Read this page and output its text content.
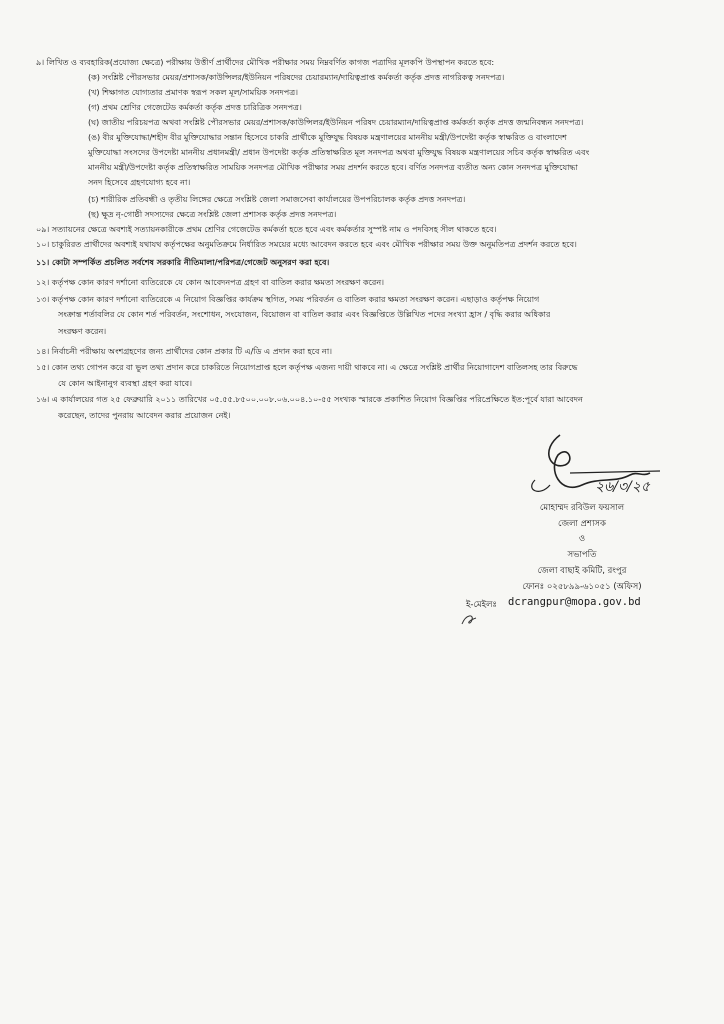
৯। লিখিত ও ব্যবহারিক(প্রযোজ্য ক্ষেত্রে) পরীক্ষায় উত্তীর্ণ প্রার্থীদের মৌখিক পরীক্ষার সময় নিম্নবর্ণিত কাগজ পত্রাদির মূলকপি উপস্থাপন করতে হবে:
(ক) সংশ্লিষ্ট পৌরসভার মেয়র/প্রশাসক/কাউন্সিলর/ইউনিয়ন পরিষদের চেয়ারম্যান/দায়িত্বপ্রাপ্ত কর্মকর্তা কর্তৃক প্রদত্ত নাগরিকত্ব সনদপত্র।
(খ) শিক্ষাগত যোগ্যতার প্রমাণক স্বরূপ সকল মূল/সাময়িক সনদপত্র।
(গ) প্রথম শ্রেণির গেজেটেড কর্মকর্তা কর্তৃক প্রদত্ত চারিত্রিক সনদপত্র।
(ঘ) জাতীয় পরিচয়পত্র অথবা সংশ্লিষ্ট পৌরসভার মেয়র/প্রশাসক/কাউন্সিলর/ইউনিয়ন পরিষদ চেয়ারম্যান/দায়িত্বপ্রাপ্ত কর্মকর্তা কর্তৃক প্রদত্ত জন্মনিবন্ধন সনদপত্র।
(ঙ) বীর মুক্তিযোদ্ধা/শহীদ বীর মুক্তিযোদ্ধার সন্তান হিসেবে চাকরি প্রার্থীকে মুক্তিযুদ্ধ বিষয়ক মন্ত্রণালয়ের মাননীয় মন্ত্রী/উপদেষ্টা কর্তৃক স্বাক্ষরিত ও বাংলাদেশ
মুক্তিযোদ্ধা সংসদের উপদেষ্টা মাননীয় প্রধানমন্ত্রী/ প্রধান উপদেষ্টা কর্তৃক প্রতিস্বাক্ষরিত মূল সনদপত্র অথবা মুক্তিযুদ্ধ বিষয়ক মন্ত্রণালয়ের সচিব কর্তৃক স্বাক্ষরিত এবং
মাননীয় মন্ত্রী/উপদেষ্টা কর্তৃক প্রতিস্বাক্ষরিত সাময়িক সনদপত্র মৌখিক পরীক্ষার সময় প্রদর্শন করতে হবে। বর্ণিত সনদপত্র ব্যতীত অন্য কোন সনদপত্র মুক্তিযোদ্ধা
সনদ হিসেবে গ্রহণযোগ্য হবে না।
(চ) শারীরিক প্রতিবন্ধী ও তৃতীয় লিঙ্গের ক্ষেত্রে সংশ্লিষ্ট জেলা সমাজসেবা কার্যালয়ের উপপরিচালক কর্তৃক প্রদত্ত সনদপত্র।
(ছ) ক্ষুদ্র নৃ-গোষ্ঠী সদস্যদের ক্ষেত্রে সংশ্লিষ্ট জেলা প্রশাসক কর্তৃক প্রদত্ত সনদপত্র।
০৯। সত্যায়নের ক্ষেত্রে অবশ্যই সত্যায়নকারীকে প্রথম শ্রেণির গেজেটেড কর্মকর্তা হতে হবে এবং কর্মকর্তার সুস্পষ্ট নাম ও পদবিসহ সীল থাকতে হবে।
১০। চাকুরিরত প্রার্থীদের অবশ্যই যথাযথ কর্তৃপক্ষের অনুমতিক্রমে নির্ধারিত সময়ের মধ্যে আবেদন করতে হবে এবং মৌখিক পরীক্ষার সময় উক্ত অনুমতিপত্র প্রদর্শন করতে হবে।
১১। কোটা সম্পর্কিত প্রচলিত সর্বশেষ সরকারি নীতিমালা/পরিপত্র/গেজেট অনুসরণ করা হবে।
১২। কর্তৃপক্ষ কোন কারণ দর্শানো ব্যতিরেকে যে কোন আবেদনপত্র গ্রহণ বা বাতিল করার ক্ষমতা সংরক্ষণ করেন।
১৩। কর্তৃপক্ষ কোন কারণ দর্শানো ব্যতিরেকে এ নিয়োগ বিজ্ঞপ্তির কার্যক্রম স্থগিত, সময় পরিবর্তন ও বাতিল করার ক্ষমতা সংরক্ষণ করেন। এছাড়াও কর্তৃপক্ষ নিয়োগ
সংক্রান্ত শর্তাবলির যে কোন শর্ত পরিবর্তন, সংশোধন, সংযোজন, বিয়োজন বা বাতিল করার এবং বিজ্ঞপ্তিতে উল্লিখিত পদের সংখ্যা হ্রাস / বৃদ্ধি করার অধিকার
সংরক্ষণ করেন।
১৪। নির্বাচনী পরীক্ষায় অংশগ্রহণের জন্য প্রার্থীদের কোন প্রকার টি এ/ডি এ প্রদান করা হবে না।
১৫। কোন তথ্য গোপন করে বা ভুল তথ্য প্রদান করে চাকরিতে নিয়োগপ্রাপ্ত হলে কর্তৃপক্ষ এজন্য দায়ী থাকবে না। এ ক্ষেত্রে সংশ্লিষ্ট প্রার্থীর নিয়োগাদেশ বাতিলসহ তার বিরুদ্ধে
যে কোন আইনানুগ ব্যবস্থা গ্রহণ করা যাবে।
১৬। এ কার্যালয়ের গত ২৫ ফেব্রুয়ারি ২০১১ তারিখের ০৫.৫৫.৮৫০০.০০৮.০৬.০০৪.১০-৫৫ সংখ্যক স্মারকে প্রকাশিত নিয়োগ বিজ্ঞপ্তির পরিপ্রেক্ষিতে ইত:পূর্বে যারা আবেদন
করেছেন, তাদের পুনরায় আবেদন করার প্রয়োজন নেই।
২৬/৩/২৫
মোহাম্মদ রবিউল ফয়সাল
জেলা প্রশাসক
ও
সভাপতি
জেলা বাছাই কমিটি, রংপুর
ফোনঃ ০২৫৮৯৯-৬১০৫১ (অফিস)
ই-মেইলঃ dcrangpur@mopa.gov.bd
